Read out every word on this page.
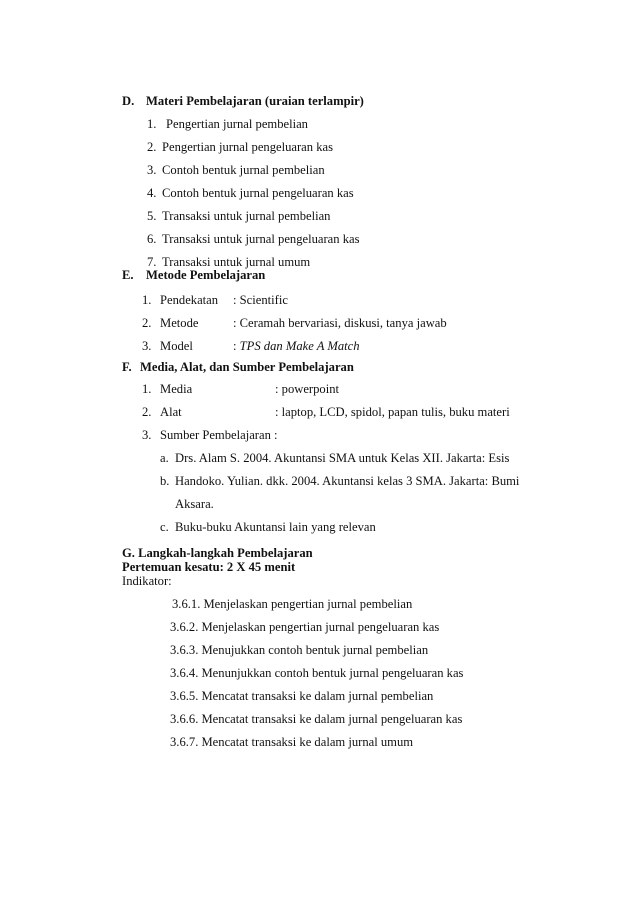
D. Materi Pembelajaran (uraian terlampir)
1. Pengertian jurnal pembelian
2. Pengertian jurnal pengeluaran kas
3. Contoh bentuk jurnal pembelian
4. Contoh bentuk jurnal pengeluaran kas
5. Transaksi untuk jurnal pembelian
6. Transaksi untuk jurnal pengeluaran kas
7. Transaksi untuk jurnal umum
E. Metode Pembelajaran
1. Pendekatan : Scientific
2. Metode	: Ceramah bervariasi, diskusi, tanya jawab
3. Model	: TPS dan Make A Match
F. Media, Alat, dan Sumber Pembelajaran
1. Media	: powerpoint
2. Alat	: laptop, LCD, spidol, papan tulis, buku materi
3. Sumber Pembelajaran :
a. Drs. Alam S. 2004. Akuntansi SMA untuk Kelas XII. Jakarta: Esis
b. Handoko. Yulian. dkk. 2004. Akuntansi kelas 3 SMA. Jakarta: Bumi
Aksara.
c. Buku-buku Akuntansi lain yang relevan
G. Langkah-langkah Pembelajaran
Pertemuan kesatu: 2 X 45 menit
Indikator:
3.6.1. Menjelaskan pengertian jurnal pembelian
3.6.2. Menjelaskan pengertian jurnal pengeluaran kas
3.6.3. Menujukkan contoh bentuk jurnal pembelian
3.6.4. Menunjukkan contoh bentuk jurnal pengeluaran kas
3.6.5. Mencatat transaksi ke dalam jurnal pembelian
3.6.6. Mencatat transaksi ke dalam jurnal pengeluaran kas
3.6.7. Mencatat transaksi ke dalam jurnal umum
